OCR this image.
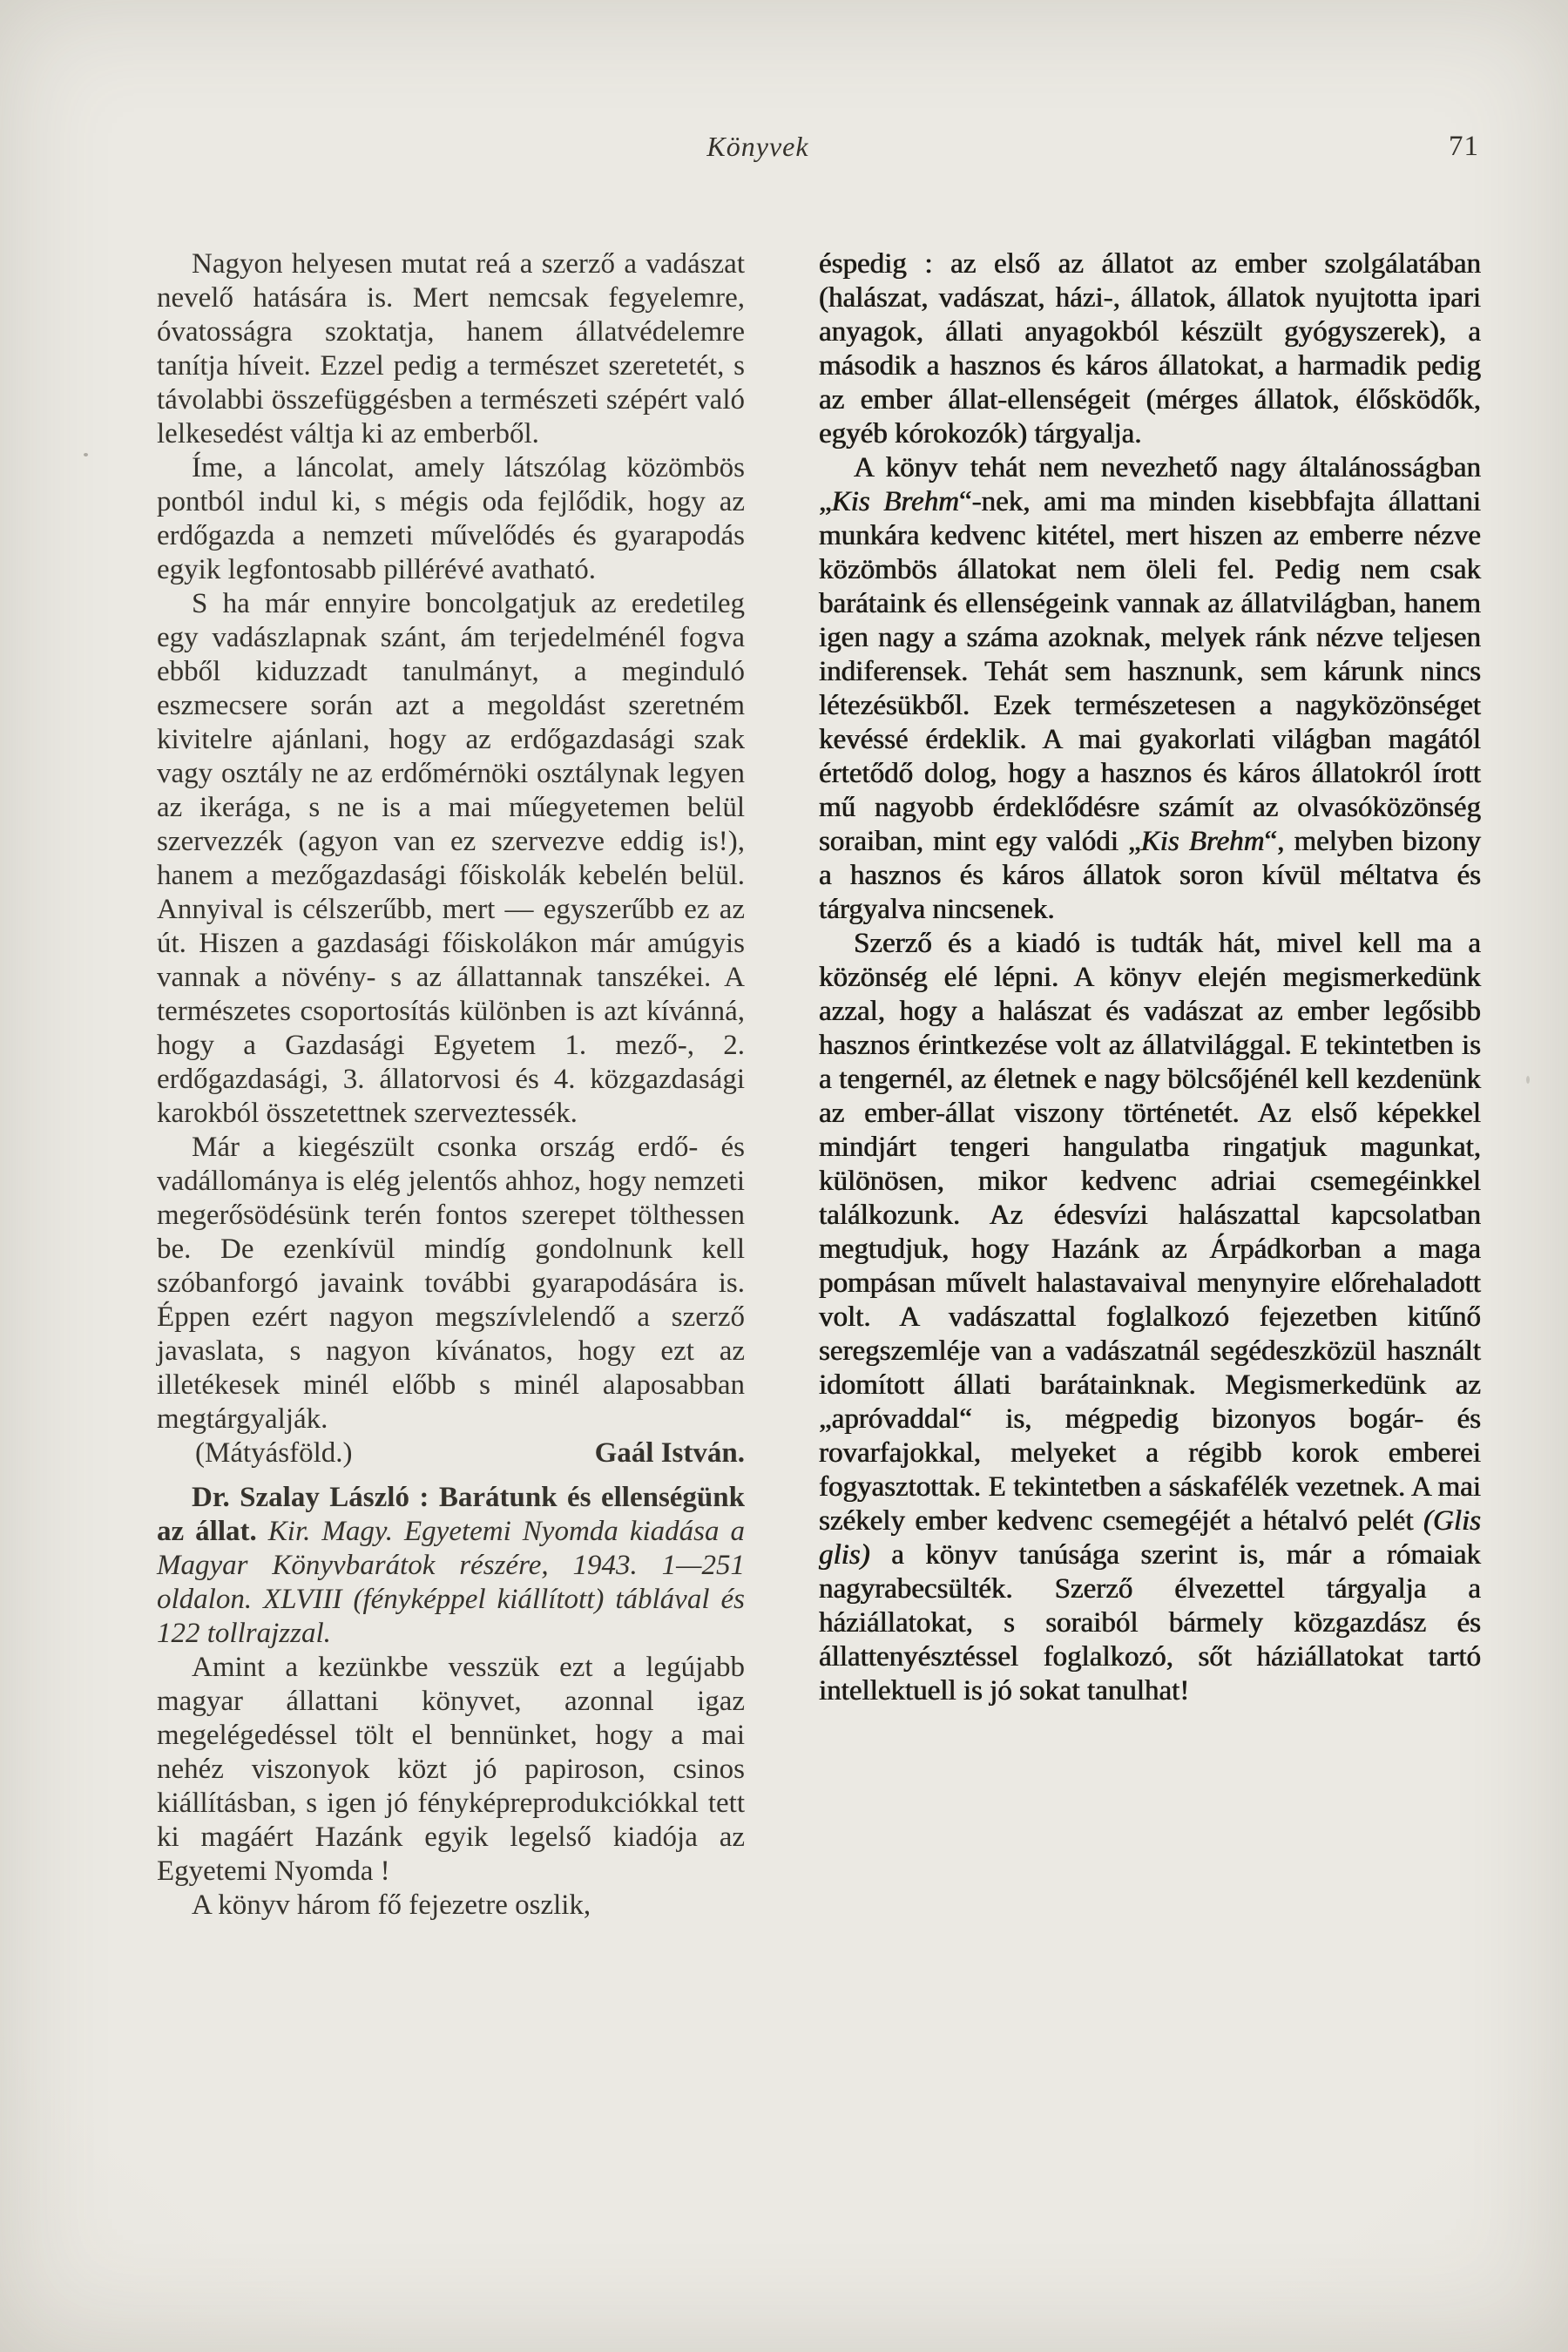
Könyvek	71

Nagyon helyesen mutat reá a szerző a vadászat nevelő hatására is. Mert nemcsak fegyelemre, óvatosságra szoktatja, hanem állatvédelemre tanítja híveit. Ezzel pedig a természet szeretetét, s távolabbi összefüggésben a természeti szépért való lelkesedést váltja ki az emberből.

Íme, a láncolat, amely látszólag közömbös pontból indul ki, s mégis oda fejlődik, hogy az erdőgazda a nemzeti művelődés és gyarapodás egyik legfontosabb pillérévé avatható.

S ha már ennyire boncolgatjuk az eredetileg egy vadászlapnak szánt, ám terjedelménél fogva ebből kiduzzadt tanulmányt, a meginduló eszmecsere során azt a megoldást szeretném kivitelre ajánlani, hogy az erdőgazdasági szak vagy osztály ne az erdőmérnöki osztálynak legyen az ikerága, s ne is a mai műegyetemen belül szervezzék (agyon van ez szervezve eddig is!), hanem a mezőgazdasági főiskolák kebelén belül. Annyival is célszerűbb, mert — egyszerűbb ez az út. Hiszen a gazdasági főiskolákon már amúgyis vannak a növény- s az állattannak tanszékei. A természetes csoportosítás különben is azt kívánná, hogy a Gazdasági Egyetem 1. mező-, 2. erdőgazdasági, 3. állatorvosi és 4. közgazdasági karokból összetettnek szerveztessék.

Már a kiegészült csonka ország erdő- és vadállománya is elég jelentős ahhoz, hogy nemzeti megerősödésünk terén fontos szerepet tölthessen be. De ezenkívül mindíg gondolnunk kell szóbanforgó javaink további gyarapodására is. Éppen ezért nagyon megszívlelendő a szerző javaslata, s nagyon kívánatos, hogy ezt az illetékesek minél előbb s minél alaposabban megtárgyalják.

(Mátyásföld.)	Gaál István.

Dr. Szalay László : Barátunk és ellenségünk az állat. Kir. Magy. Egyetemi Nyomda kiadása a Magyar Könyvbarátok részére, 1943. 1—251 oldalon. XLVIII (fényképpel kiállított) táblával és 122 tollrajzzal.

Amint a kezünkbe vesszük ezt a legújabb magyar állattani könyvet, azonnal igaz megelégedéssel tölt el bennünket, hogy a mai nehéz viszonyok közt jó papiroson, csinos kiállításban, s igen jó fényképreprodukciókkal tett ki magáért Hazánk egyik legelső kiadója az Egyetemi Nyomda !

A könyv három fő fejezetre oszlik,

éspedig : az első az állatot az ember szolgálatában (halászat, vadászat, házi-, állatok, állatok nyujtotta ipari anyagok, állati anyagokból készült gyógyszerek), a második a hasznos és káros állatokat, a harmadik pedig az ember állat-ellenségeit (mérges állatok, élősködők, egyéb kórokozók) tárgyalja.

A könyv tehát nem nevezhető nagy általánosságban „Kis Brehm“-nek, ami ma minden kisebbfajta állattani munkára kedvenc kitétel, mert hiszen az emberre nézve közömbös állatokat nem öleli fel. Pedig nem csak barátaink és ellenségeink vannak az állatvilágban, hanem igen nagy a száma azoknak, melyek ránk nézve teljesen indiferensek. Tehát sem hasznunk, sem kárunk nincs létezésükből. Ezek természetesen a nagyközönséget kevéssé érdeklik. A mai gyakorlati világban magától értetődő dolog, hogy a hasznos és káros állatokról írott mű nagyobb érdeklődésre számít az olvasóközönség soraiban, mint egy valódi „Kis Brehm“, melyben bizony a hasznos és káros állatok soron kívül méltatva és tárgyalva nincsenek.

Szerző és a kiadó is tudták hát, mivel kell ma a közönség elé lépni. A könyv elején megismerkedünk azzal, hogy a halászat és vadászat az ember legősibb hasznos érintkezése volt az állatvilággal. E tekintetben is a tengernél, az életnek e nagy bölcsőjénél kell kezdenünk az ember-állat viszony történetét. Az első képekkel mindjárt tengeri hangulatba ringatjuk magunkat, különösen, mikor kedvenc adriai csemegéinkkel találkozunk. Az édesvízi halászattal kapcsolatban megtudjuk, hogy Hazánk az Árpádkorban a maga pompásan művelt halastavaival menynyire előrehaladott volt. A vadászattal foglalkozó fejezetben kitűnő seregszemléje van a vadászatnál segédeszközül használt idomított állati barátainknak. Megismerkedünk az „apróvaddal“ is, mégpedig bizonyos bogár- és rovarfajokkal, melyeket a régibb korok emberei fogyasztottak. E tekintetben a sáskafélék vezetnek. A mai székely ember kedvenc csemegéjét a hétalvó pelét (Glis glis) a könyv tanúsága szerint is, már a rómaiak nagyrabecsülték. Szerző élvezettel tárgyalja a háziállatokat, s soraiból bármely közgazdász és állattenyésztéssel foglalkozó, sőt háziállatokat tartó intellektuell is jó sokat tanulhat!
